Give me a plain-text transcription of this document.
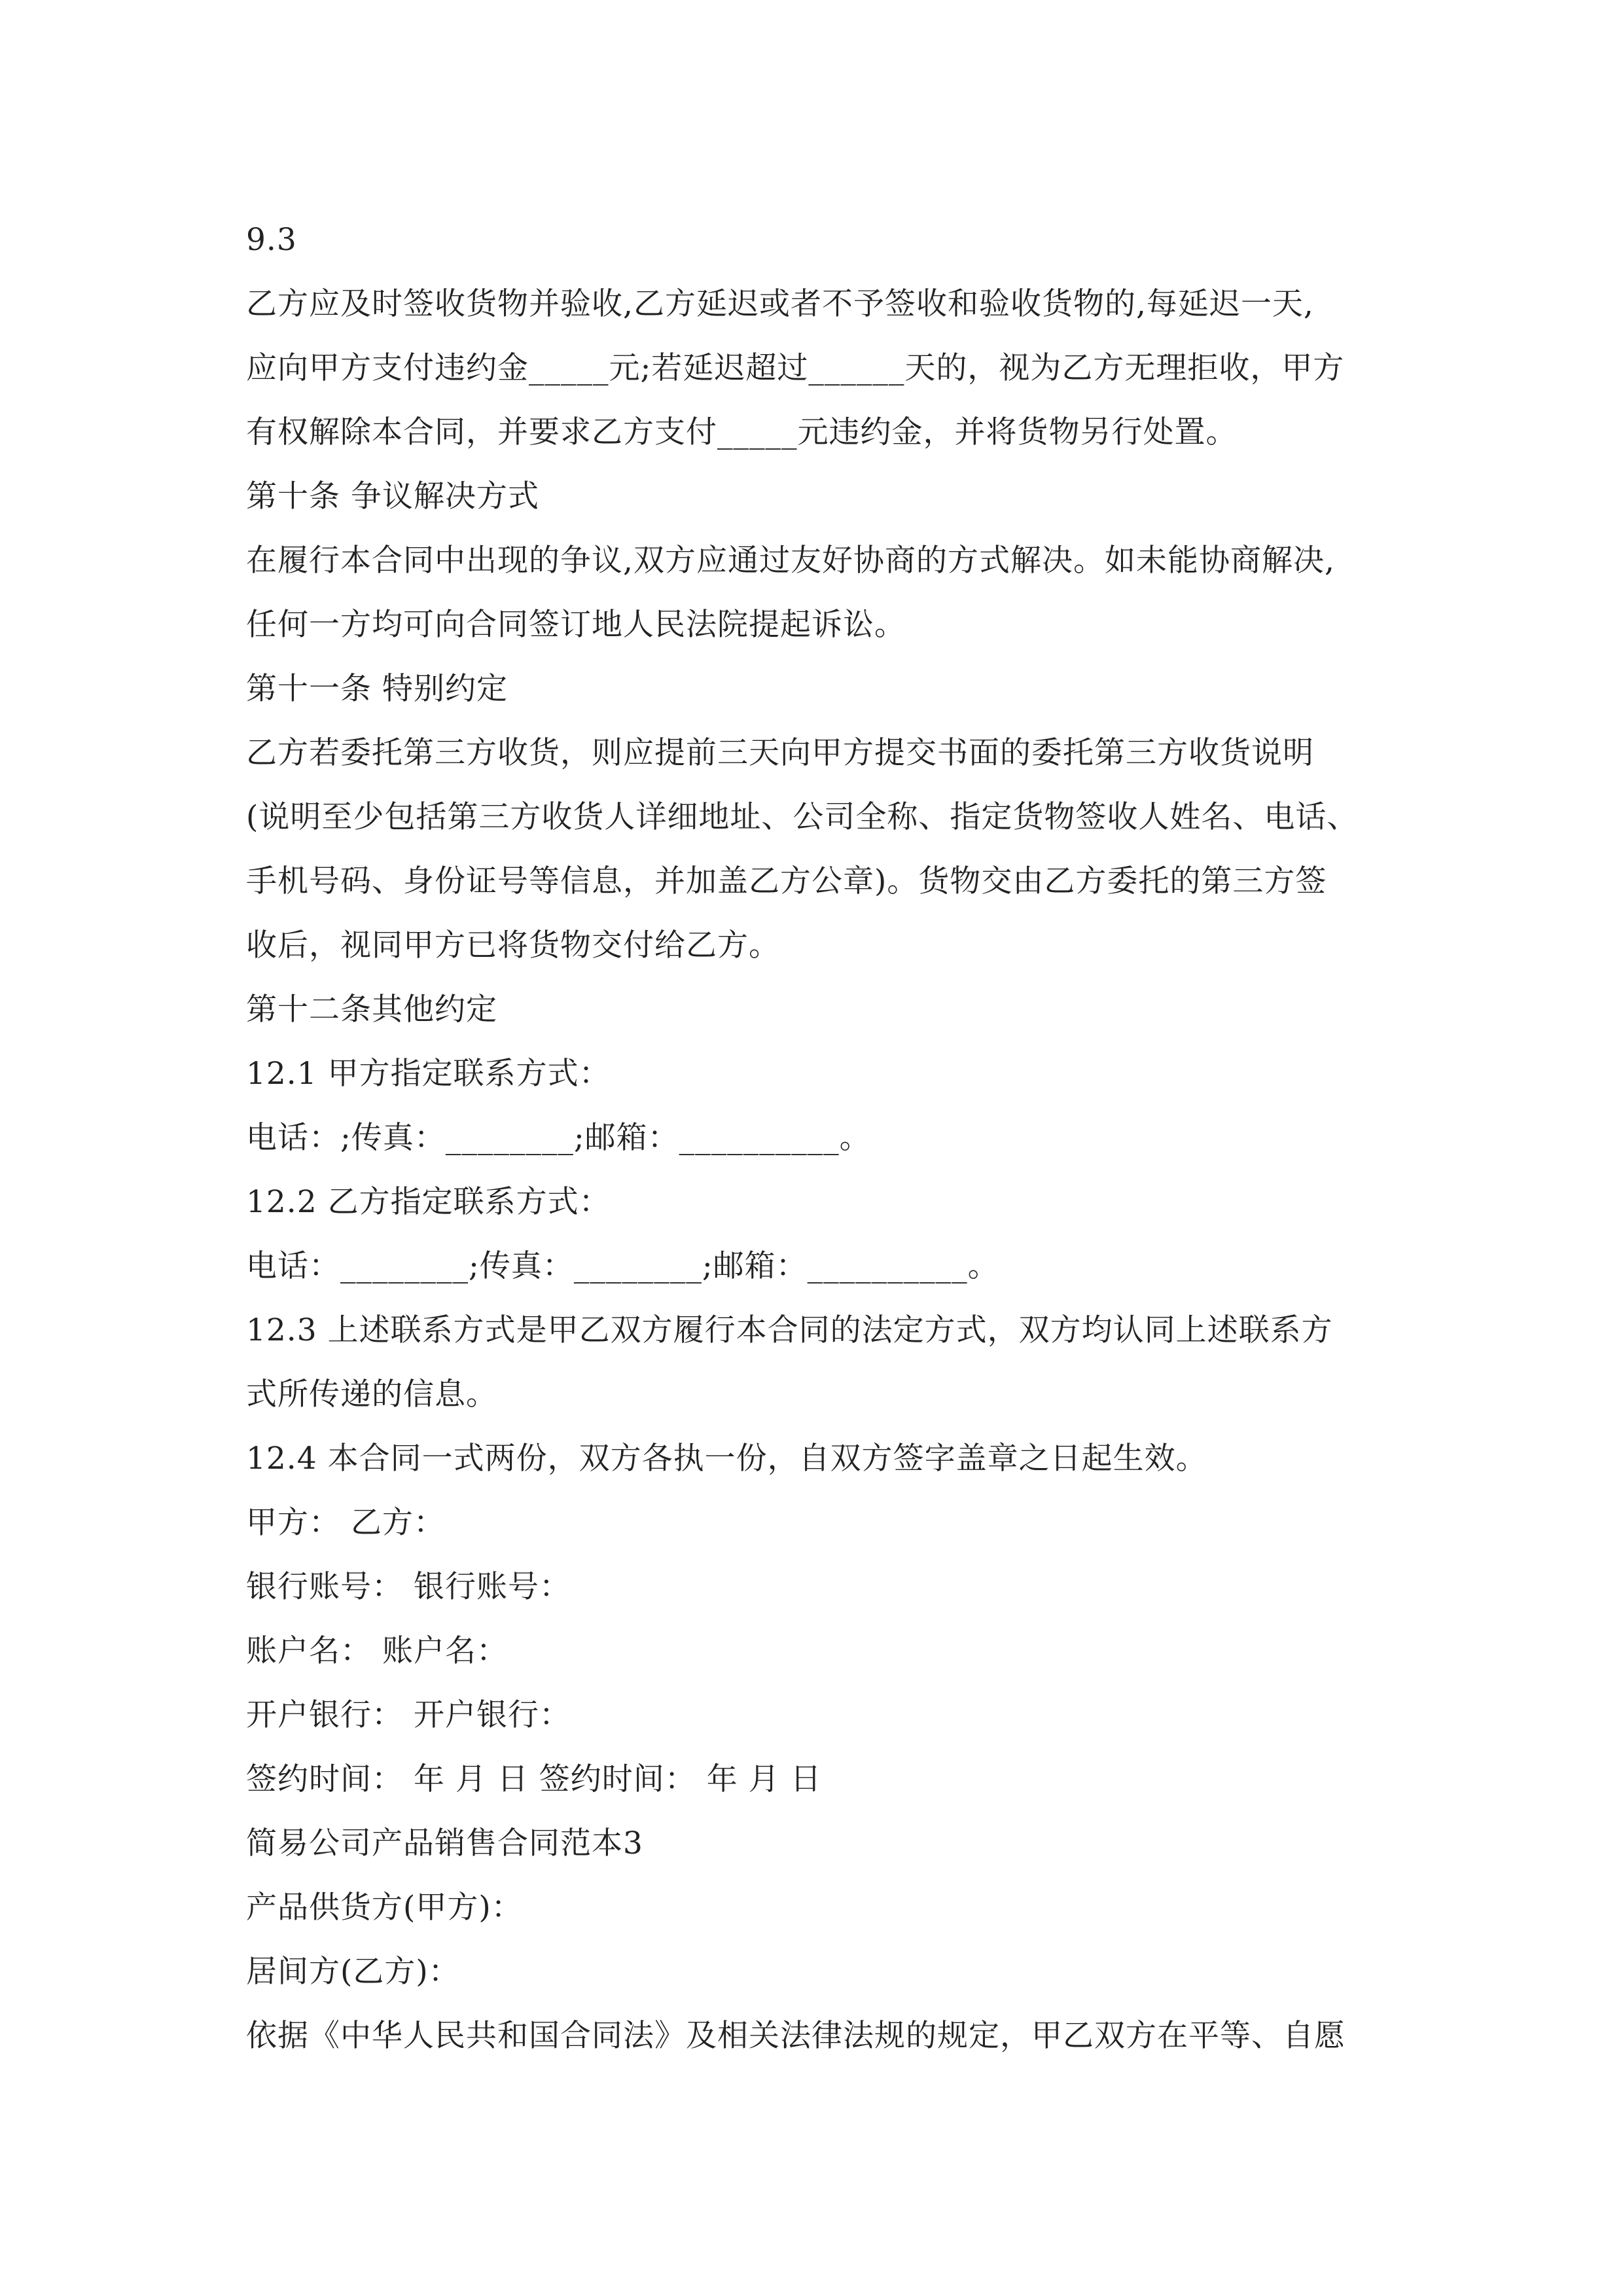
9.3
乙方应及时签收货物并验收,乙方延迟或者不予签收和验收货物的,每延迟一天,
应向甲方支付违约金_____元;若延迟超过______天的，视为乙方无理拒收，甲方
有权解除本合同，并要求乙方支付_____元违约金，并将货物另行处置。
第十条 争议解决方式
在履行本合同中出现的争议,双方应通过友好协商的方式解决。如未能协商解决,
任何一方均可向合同签订地人民法院提起诉讼。
第十一条 特别约定
乙方若委托第三方收货，则应提前三天向甲方提交书面的委托第三方收货说明
(说明至少包括第三方收货人详细地址、公司全称、指定货物签收人姓名、电话、
手机号码、身份证号等信息，并加盖乙方公章)。货物交由乙方委托的第三方签
收后，视同甲方已将货物交付给乙方。
第十二条其他约定
12.1 甲方指定联系方式：
电话：;传真：________;邮箱：__________。
12.2 乙方指定联系方式：
电话：________;传真：________;邮箱：__________。
12.3 上述联系方式是甲乙双方履行本合同的法定方式，双方均认同上述联系方
式所传递的信息。
12.4 本合同一式两份，双方各执一份，自双方签字盖章之日起生效。
甲方： 乙方：
银行账号： 银行账号：
账户名： 账户名：
开户银行： 开户银行：
签约时间： 年 月 日 签约时间： 年 月 日
简易公司产品销售合同范本3
产品供货方(甲方)：
居间方(乙方)：
依据《中华人民共和国合同法》及相关法律法规的规定，甲乙双方在平等、自愿
